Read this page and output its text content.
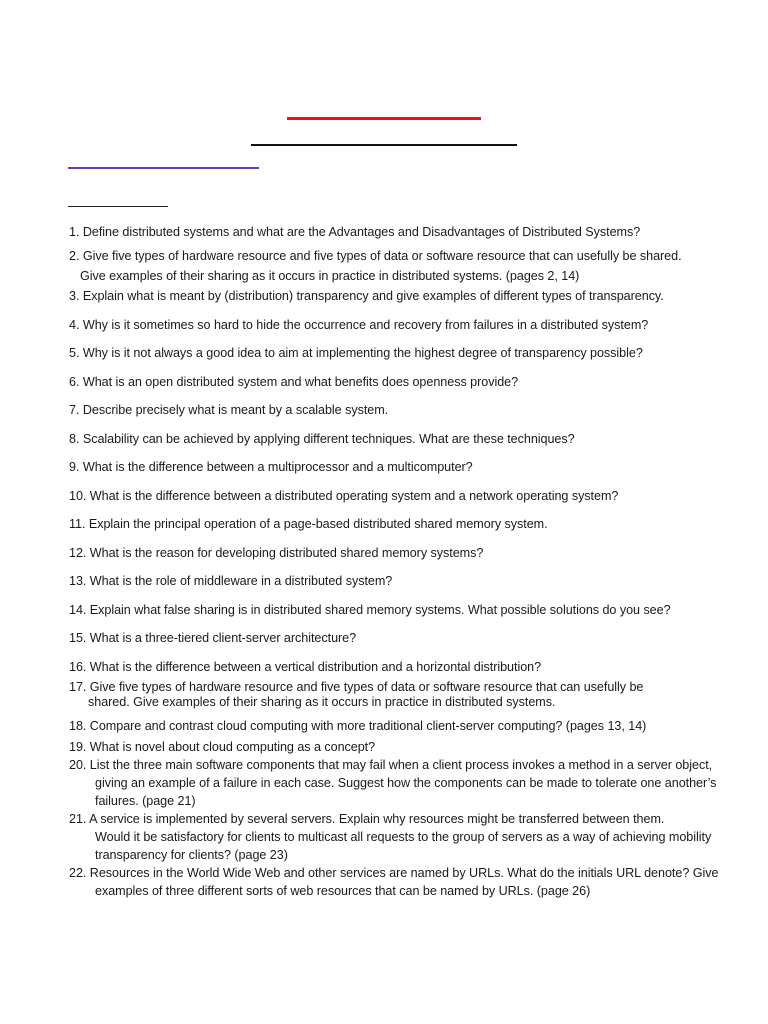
1. Define distributed systems and what are the Advantages and Disadvantages of Distributed Systems?
2. Give five types of hardware resource and five types of data or software resource that can usefully be shared.
Give examples of their sharing as it occurs in practice in distributed systems. (pages 2, 14)
3. Explain what is meant by (distribution) transparency and give examples of different types of transparency.
4. Why is it sometimes so hard to hide the occurrence and recovery from failures in a distributed system?
5. Why is it not always a good idea to aim at implementing the highest degree of transparency possible?
6. What is an open distributed system and what benefits does openness provide?
7. Describe precisely what is meant by a scalable system.
8. Scalability can be achieved by applying different techniques. What are these techniques?
9. What is the difference between a multiprocessor and a multicomputer?
10. What is the difference between a distributed operating system and a network operating system?
11. Explain the principal operation of a page-based distributed shared memory system.
12. What is the reason for developing distributed shared memory systems?
13. What is the role of middleware in a distributed system?
14. Explain what false sharing is in distributed shared memory systems. What possible solutions do you see?
15. What is a three-tiered client-server architecture?
16. What is the difference between a vertical distribution and a horizontal distribution?
17. Give five types of hardware resource and five types of data or software resource that can usefully be
shared. Give examples of their sharing as it occurs in practice in distributed systems.
18. Compare and contrast cloud computing with more traditional client-server computing? (pages 13, 14)
19. What is novel about cloud computing as a concept?
20. List the three main software components that may fail when a client process invokes a method in a server object,
giving an example of a failure in each case. Suggest how the components can be made to tolerate one another’s
failures. (page 21)
21. A service is implemented by several servers. Explain why resources might be transferred between them.
Would it be satisfactory for clients to multicast all requests to the group of servers as a way of achieving mobility
transparency for clients? (page 23)
22. Resources in the World Wide Web and other services are named by URLs. What do the initials URL denote? Give
examples of three different sorts of web resources that can be named by URLs. (page 26)
